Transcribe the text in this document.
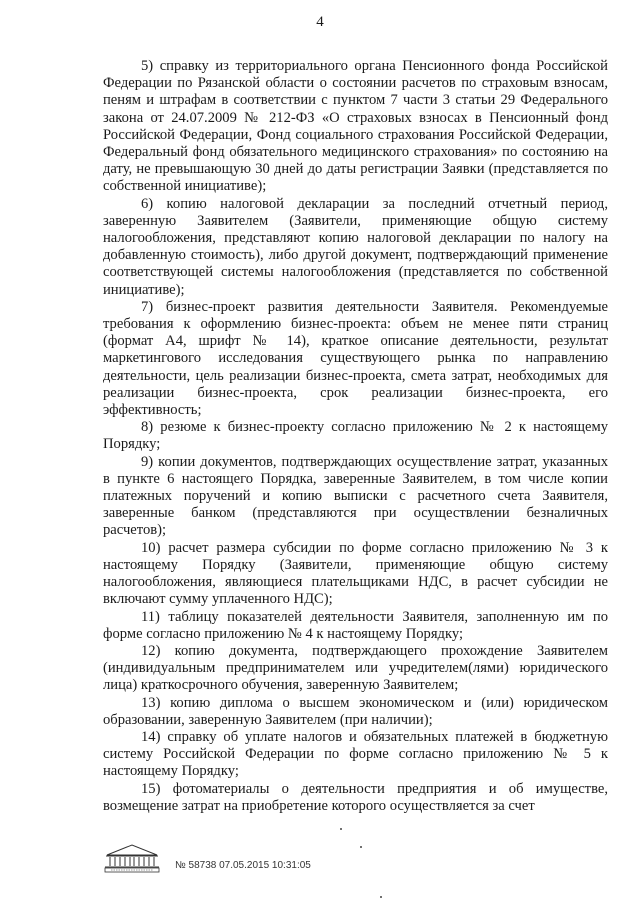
4

5) справку из территориального органа Пенсионного фонда Российской Федерации по Рязанской области о состоянии расчетов по страховым взносам, пеням и штрафам в соответствии с пунктом 7 части 3 статьи 29 Федерального закона от 24.07.2009 № 212-ФЗ «О страховых взносах в Пенсионный фонд Российской Федерации, Фонд социального страхования Российской Федерации, Федеральный фонд обязательного медицинского страхования» по состоянию на дату, не превышающую 30 дней до даты регистрации Заявки (представляется по собственной инициативе);

6) копию налоговой декларации за последний отчетный период, заверенную Заявителем (Заявители, применяющие общую систему налогообложения, представляют копию налоговой декларации по налогу на добавленную стоимость), либо другой документ, подтверждающий применение соответствующей системы налогообложения (представляется по собственной инициативе);

7) бизнес-проект развития деятельности Заявителя. Рекомендуемые требования к оформлению бизнес-проекта: объем не менее пяти страниц (формат А4, шрифт № 14), краткое описание деятельности, результат маркетингового исследования существующего рынка по направлению деятельности, цель реализации бизнес-проекта, смета затрат, необходимых для реализации бизнес-проекта, срок реализации бизнес-проекта, его эффективность;

8) резюме к бизнес-проекту согласно приложению № 2 к настоящему Порядку;

9) копии документов, подтверждающих осуществление затрат, указанных в пункте 6 настоящего Порядка, заверенные Заявителем, в том числе копии платежных поручений и копию выписки с расчетного счета Заявителя, заверенные банком (представляются при осуществлении безналичных расчетов);

10) расчет размера субсидии по форме согласно приложению № 3 к настоящему Порядку (Заявители, применяющие общую систему налогообложения, являющиеся плательщиками НДС, в расчет субсидии не включают сумму уплаченного НДС);

11) таблицу показателей деятельности Заявителя, заполненную им по форме согласно приложению № 4 к настоящему Порядку;

12) копию документа, подтверждающего прохождение Заявителем (индивидуальным предпринимателем или учредителем(лями) юридического лица) краткосрочного обучения, заверенную Заявителем;

13) копию диплома о высшем экономическом и (или) юридическом образовании, заверенную Заявителем (при наличии);

14) справку об уплате налогов и обязательных платежей в бюджетную систему Российской Федерации по форме согласно приложению № 5 к настоящему Порядку;

15) фотоматериалы о деятельности предприятия и об имуществе, возмещение затрат на приобретение которого осуществляется за счет

№ 58738 07.05.2015 10:31:05
